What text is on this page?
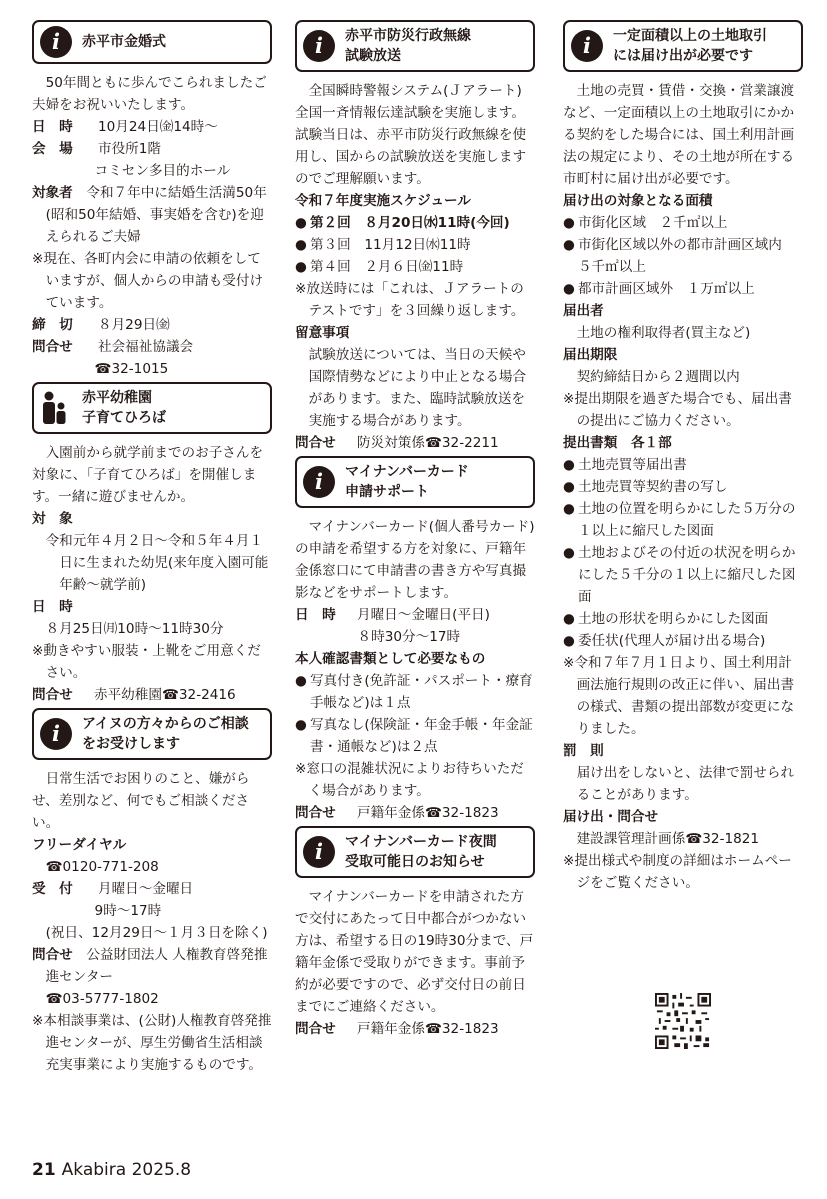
i	赤平市金婚式

50年間ともに歩んでこられましたご夫婦をお祝いいたします。

日　時	10月24日㈮14時～
会　場	市役所1階

コミセン多目的ホール

対象者　 令和７年中に結婚生活満50年(昭和50年結婚、事実婚を含む)を迎えられるご夫婦

※現在、各町内会に申請の依頼をしていますが、個人からの申請も受付けています。

締　切	８月29日㈮
問合せ	社会福祉協議会

☎32-1015

赤平幼稚園
子育てひろば

入園前から就学前までのお子さんを対象に、「子育てひろば」を開催します。一緒に遊びませんか。

対　象

令和元年４月２日～令和５年４月１日に生まれた幼児(来年度入園可能年齢～就学前)

日　時

８月25日㈪10時～11時30分

※動きやすい服装・上靴をご用意ください。

問合せ	赤平幼稚園☎32-2416
i	アイヌの方々からのご相談をお受けします

日常生活でお困りのこと、嫌がらせ、差別など、何でもご相談ください。

フリーダイヤル

☎0120-771-208

受　付	月曜日～金曜日

9時～17時

(祝日、12月29日～１月３日を除く)

問合せ　 公益財団法人 人権教育啓発推進センター

☎03-5777-1802

※本相談事業は、(公財)人権教育啓発推進センターが、厚生労働省生活相談充実事業により実施するものです。

i	赤平市防災行政無線
試験放送

全国瞬時警報システム(Ｊアラート)全国一斉情報伝達試験を実施します。試験当日は、赤平市防災行政無線を使用し、国からの試験放送を実施しますのでご理解願います。

令和７年度実施スケジュール

● 第２回　８月20日㈬11時(今回)

● 第３回　11月12日㈬11時

● 第４回　２月６日㈮11時

※放送時には「これは、Ｊアラートのテストです」を３回繰り返します。

留意事項

試験放送については、当日の天候や国際情勢などにより中止となる場合があります。また、臨時試験放送を実施する場合があります。

問合せ	防災対策係☎32-2211
i	マイナンバーカード
申請サポート

マイナンバーカード(個人番号カード)の申請を希望する方を対象に、戸籍年金係窓口にて申請書の書き方や写真撮影などをサポートします。

日　時	月曜日～金曜日(平日)

８時30分～17時

本人確認書類として必要なもの

● 写真付き(免許証・パスポート・療育手帳など)は１点

● 写真なし(保険証・年金手帳・年金証書・通帳など)は２点

※窓口の混雑状況によりお待ちいただく場合があります。

問合せ	戸籍年金係☎32-1823
i	マイナンバーカード夜間
受取可能日のお知らせ

マイナンバーカードを申請された方で交付にあたって日中都合がつかない方は、希望する日の19時30分まで、戸籍年金係で受取りができます。事前予約が必要ですので、必ず交付日の前日までにご連絡ください。

問合せ	戸籍年金係☎32-1823
i	一定面積以上の土地取引
には届け出が必要です

土地の売買・賃借・交換・営業譲渡など、一定面積以上の土地取引にかかる契約をした場合には、国土利用計画法の規定により、その土地が所在する市町村に届け出が必要です。

届け出の対象となる面積

● 市街化区域　２千㎡以上

● 市街化区域以外の都市計画区域内　５千㎡以上

● 都市計画区域外　１万㎡以上

届出者

土地の権利取得者(買主など)

届出期限

契約締結日から２週間以内

※提出期限を過ぎた場合でも、届出書の提出にご協力ください。

提出書類　各１部

● 土地売買等届出書

● 土地売買等契約書の写し

● 土地の位置を明らかにした５万分の１以上に縮尺した図面

● 土地およびその付近の状況を明らかにした５千分の１以上に縮尺した図面

● 土地の形状を明らかにした図面

● 委任状(代理人が届け出る場合)

※令和７年７月１日より、国土利用計画法施行規則の改正に伴い、届出書の様式、書類の提出部数が変更になりました。

罰　則

届け出をしないと、法律で罰せられることがあります。

届け出・問合せ

建設課管理計画係☎32-1821

※提出様式や制度の詳細はホームページをご覧ください。

21 Akabira 2025.8
